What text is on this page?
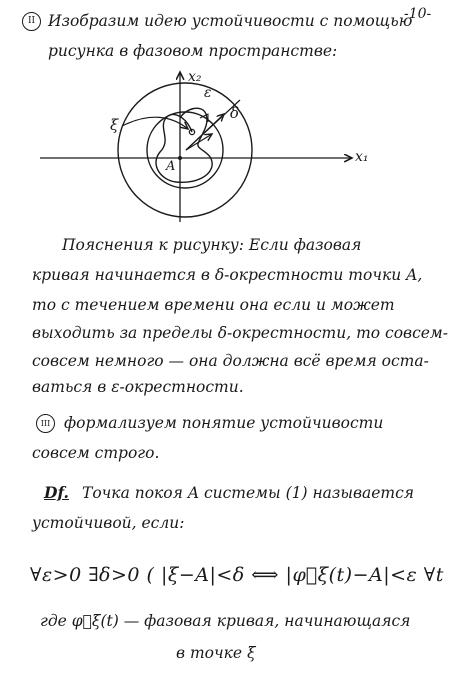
-10-
II Изобразим идею устойчивости с помощью
рисунка в фазовом пространстве:
x₁
x₂
ε
δ
ξ
A
Пояснения к рисунку: Если фазовая
кривая начинается в δ-окрестности точки A,
то с течением времени она если и может
выходить за пределы δ-окрестности, то совсем-
совсем немного — она должна всё время оста-
ваться в ε-окрестности.
III формализуем понятие устойчивости
совсем строго.
Df. Точка покоя A системы (1) называется
устойчивой, если:
∀ε>0 ∃δ>0 ( |ξ−A|<δ ⟺ |φ⃗ξ(t)−A|<ε ∀t
где φ⃗ξ(t) — фазовая кривая, начинающаяся
в точке ξ
